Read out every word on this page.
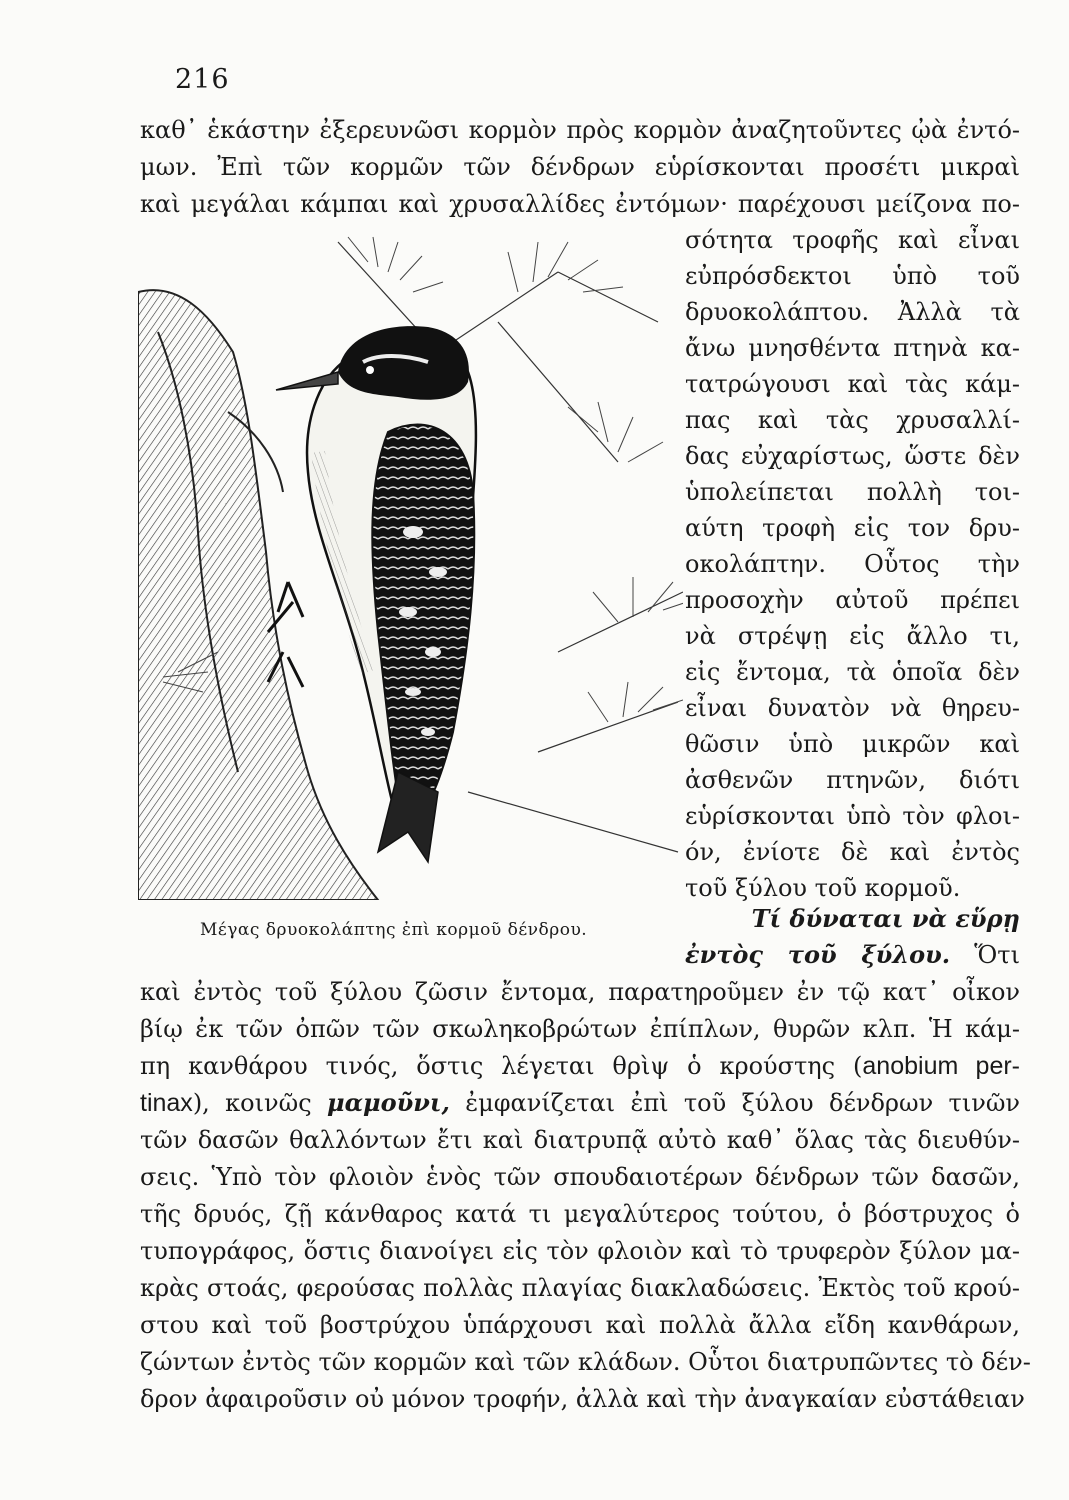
216
καθ᾽ ἑκάστην ἐξερευνῶσι κορμὸν πρὸς κορμὸν ἀναζητοῦντες ᾠὰ ἐντό-
μων. Ἐπὶ τῶν κορμῶν τῶν δένδρων εὑρίσκονται προσέτι μικραὶ
καὶ μεγάλαι κάμπαι καὶ χρυσαλλίδες ἐντόμων· παρέχουσι μείζονα πο-
Μέγας δρυοκολάπτης ἐπὶ κορμοῦ δένδρου.
σότητα τροφῆς καὶ εἶναι
εὐπρόσδεκτοι ὑπὸ τοῦ
δρυοκολάπτου. Ἀλλὰ τὰ
ἄνω μνησθέντα πτηνὰ κα-
τατρώγουσι καὶ τὰς κάμ-
πας καὶ τὰς χρυσαλλί-
δας εὐχαρίστως, ὥστε δὲν
ὑπολείπεται πολλὴ τοι-
αύτη τροφὴ εἰς τον δρυ-
οκολάπτην. Οὗτος τὴν
προσοχὴν αὐτοῦ πρέπει
νὰ στρέψῃ εἰς ἄλλο τι,
εἰς ἔντομα, τὰ ὁποῖα δὲν
εἶναι δυνατὸν νὰ θηρευ-
θῶσιν ὑπὸ μικρῶν καὶ
ἀσθενῶν πτηνῶν, διότι
εὑρίσκονται ὑπὸ τὸν φλοι-
όν, ἐνίοτε δὲ καὶ ἐντὸς
τοῦ ξύλου τοῦ κορμοῦ.
Τί δύναται νὰ εὕρῃ
ἐντὸς τοῦ ξύλου. Ὅτι
καὶ ἐντὸς τοῦ ξύλου ζῶσιν ἔντομα, παρατηροῦμεν ἐν τῷ κατ᾽ οἶκον
βίῳ ἐκ τῶν ὀπῶν τῶν σκωληκοβρώτων ἐπίπλων, θυρῶν κλπ. Ἡ κάμ-
πη κανθάρου τινός, ὅστις λέγεται θρὶψ ὁ κρούστης (anobium per-
tinax), κοινῶς μαμοῦνι, ἐμφανίζεται ἐπὶ τοῦ ξύλου δένδρων τινῶν
τῶν δασῶν θαλλόντων ἔτι καὶ διατρυπᾷ αὐτὸ καθ᾽ ὅλας τὰς διευθύν-
σεις. Ὑπὸ τὸν φλοιὸν ἑνὸς τῶν σπουδαιοτέρων δένδρων τῶν δασῶν,
τῆς δρυός, ζῇ κάνθαρος κατά τι μεγαλύτερος τούτου, ὁ βόστρυχος ὁ
τυπογράφος, ὅστις διανοίγει εἰς τὸν φλοιὸν καὶ τὸ τρυφερὸν ξύλον μα-
κρὰς στοάς, φερούσας πολλὰς πλαγίας διακλαδώσεις. Ἐκτὸς τοῦ κρού-
στου καὶ τοῦ βοστρύχου ὑπάρχουσι καὶ πολλὰ ἄλλα εἴδη κανθάρων,
ζώντων ἐντὸς τῶν κορμῶν καὶ τῶν κλάδων. Οὗτοι διατρυπῶντες τὸ δέν-
δρον ἀφαιροῦσιν οὐ μόνον τροφήν, ἀλλὰ καὶ τὴν ἀναγκαίαν εὐστάθειαν
